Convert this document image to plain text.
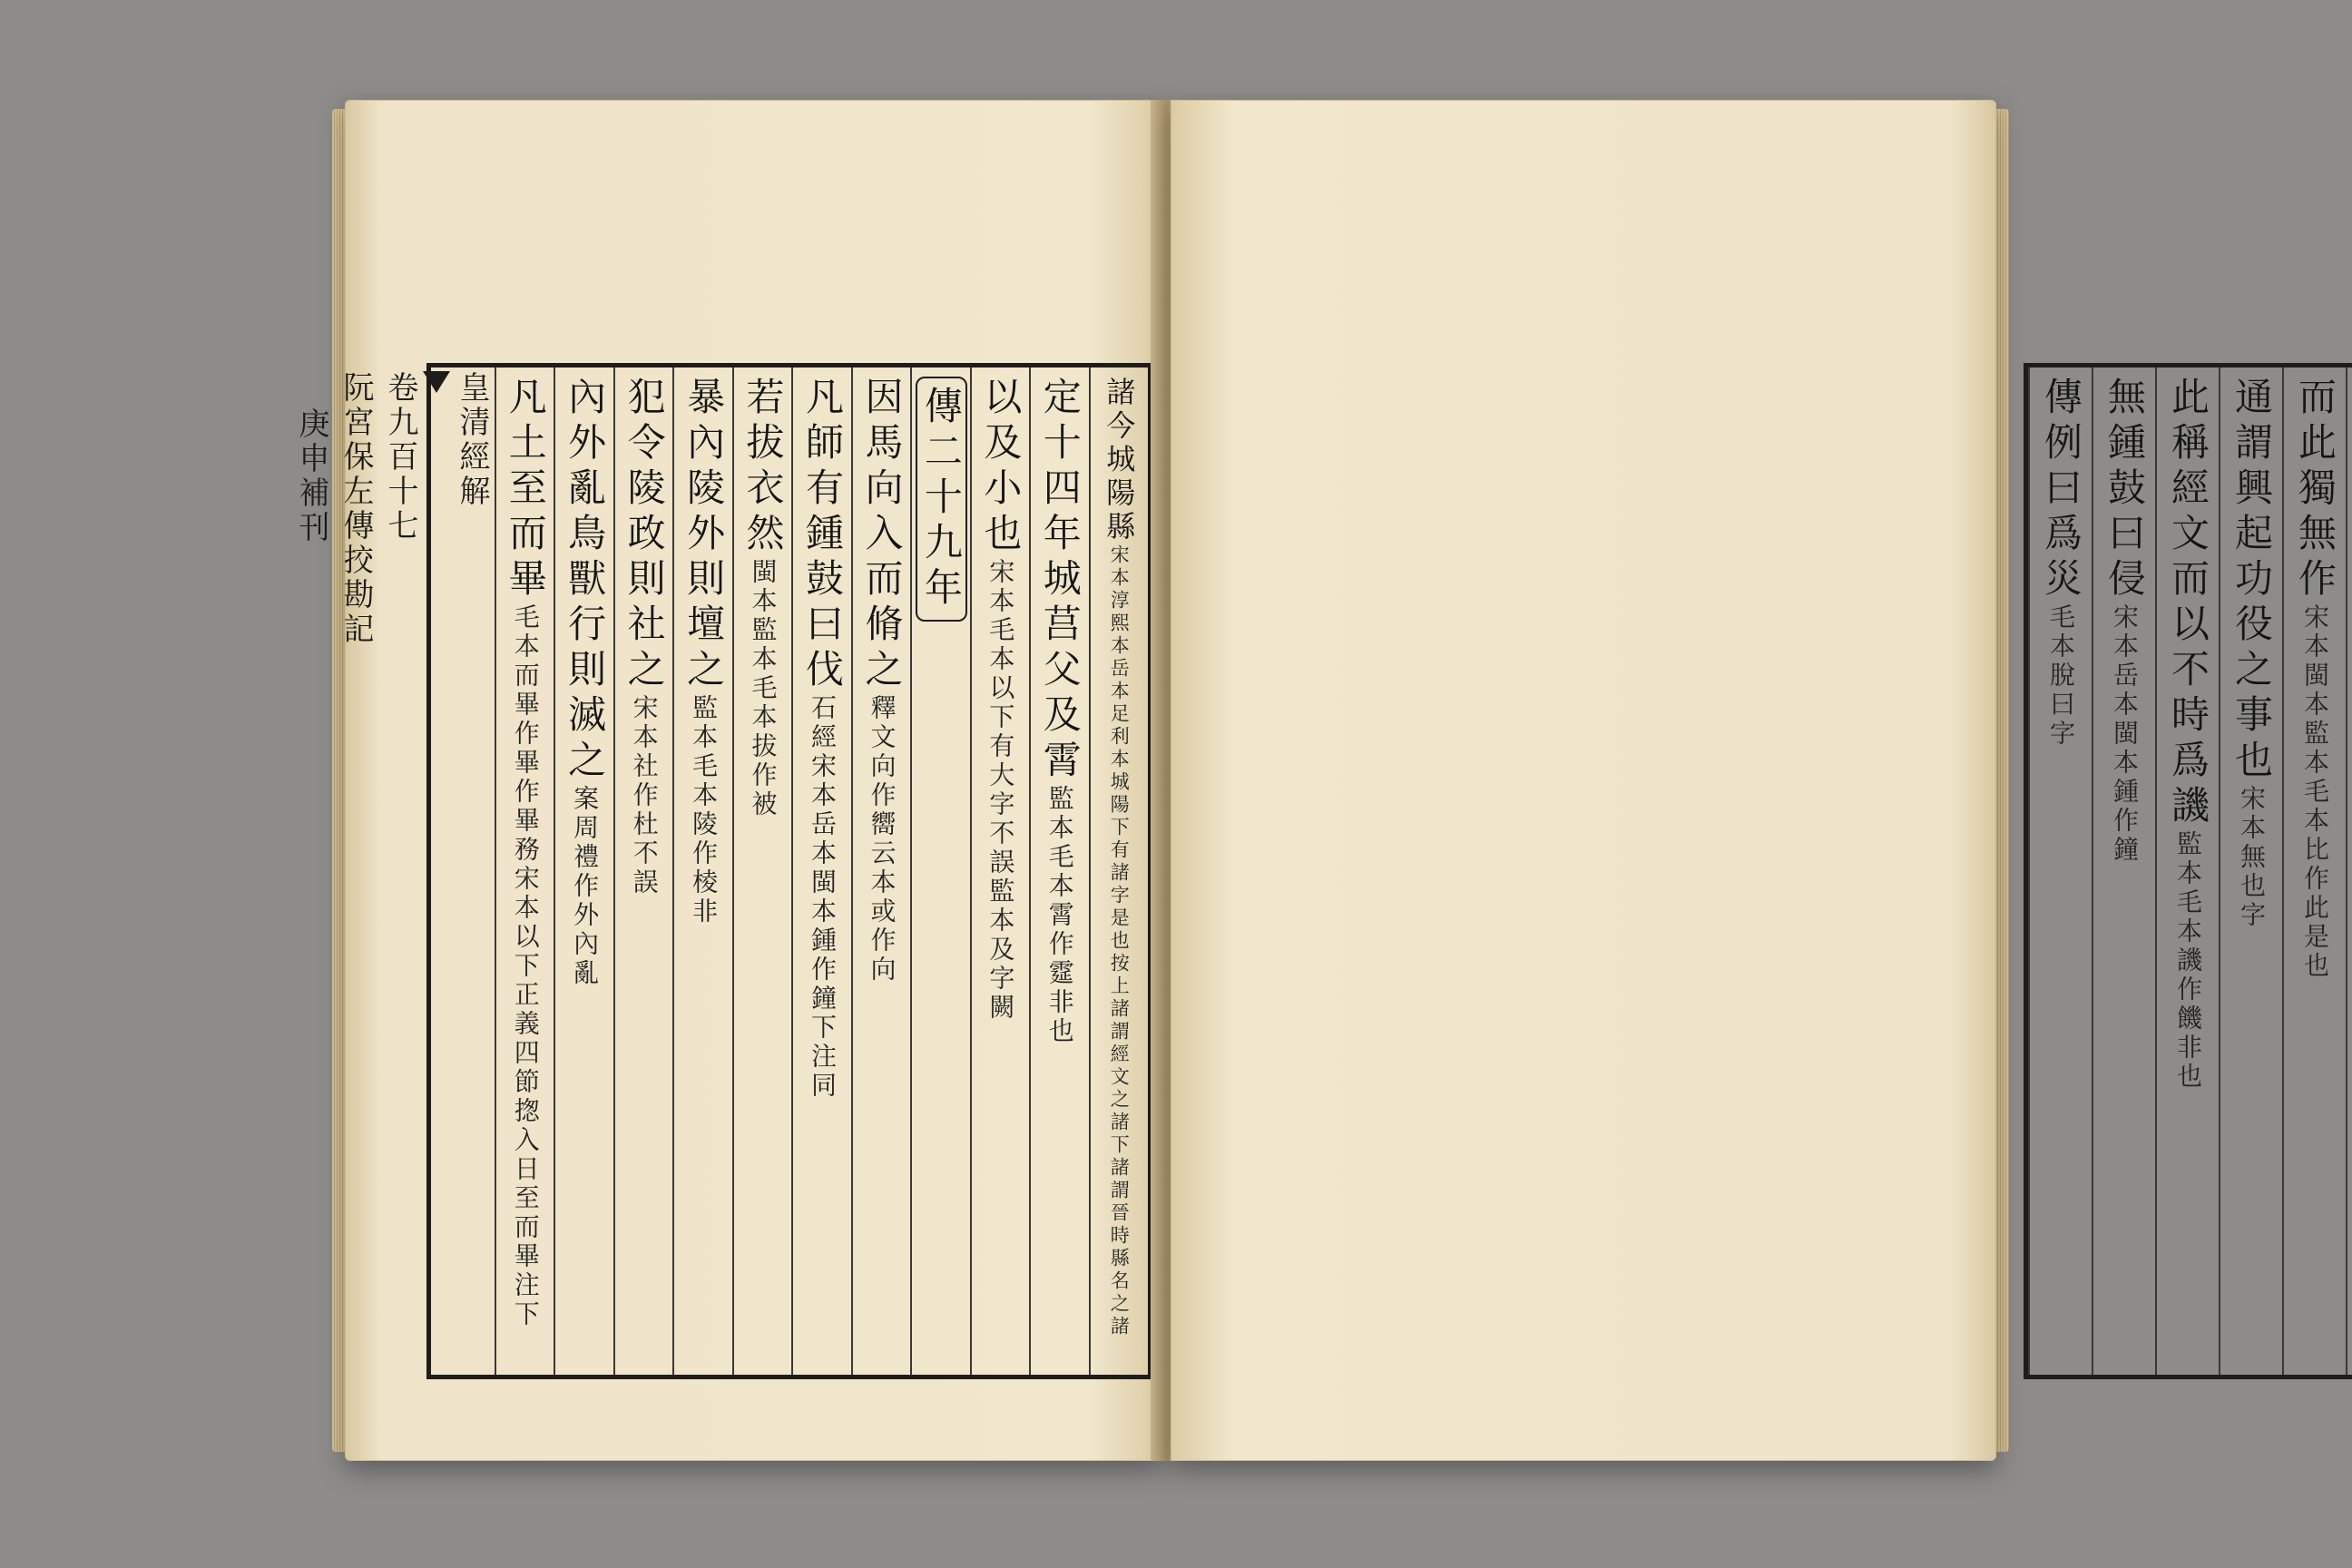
皇清經解
卷九百十七
阮宮保左傳挍勘記
庚申補刊	諸今城陽縣宋本淳熙本岳本足利本城陽下有諸字是也按上諸謂經文之諸下諸謂晉時縣名之諸
定十四年城莒父及霄監本毛本霄作𩃀非也
以及小也宋本毛本以下有大字不誤監本及字闕
傳二十九年
因馬向入而脩之釋文向作嚮云本或作向
凡師有鍾鼓曰伐石經宋本岳本閩本鍾作鐘下注同
若拔衣然閩本監本毛本拔作被
暴內陵外則壇之監本毛本陵作棱非
犯令陵政則社之宋本社作杜不誤
內外亂鳥獸行則滅之案周禮作外內亂
凡土至而畢毛本而畢作畢作畢務宋本以下正義四節揔入日至而畢注下
而此獨無作宋本閩本監本毛本比作此是也
通謂興起功役之事也宋本無也字
此稱經文而以不時爲譏監本毛本譏作饑非也
無鍾鼓曰侵宋本岳本閩本鍾作鐘
傳例曰爲災毛本脫曰字
